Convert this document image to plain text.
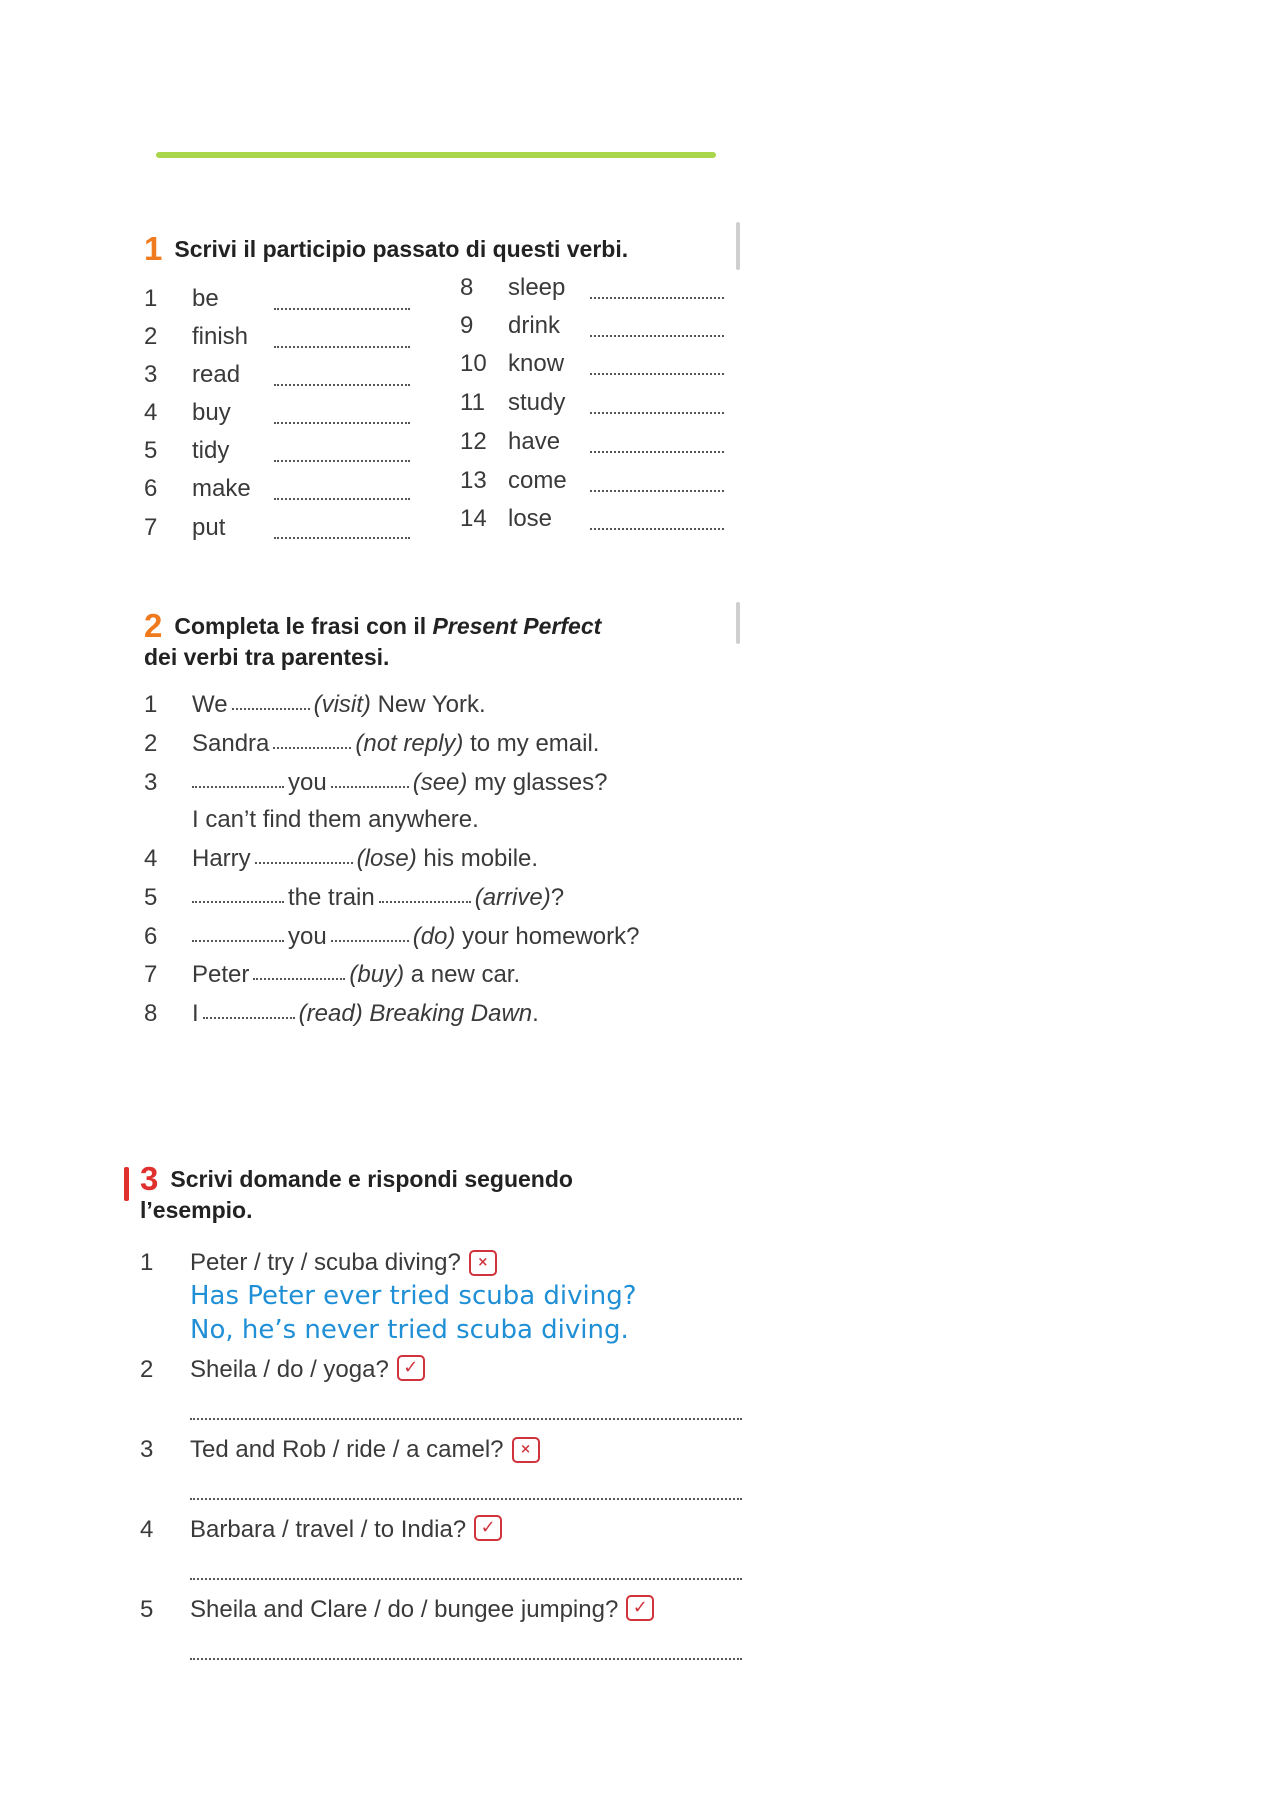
1 Scrivi il participio passato di questi verbi.
1 be
2 finish
3 read
4 buy
5 tidy
6 make
7 put
8 sleep
9 drink
10 know
11 study
12 have
13 come
14 lose
2 Completa le frasi con il Present Perfect
dei verbi tra parentesi.
1 We	(visit) New York.
2 Sandra	(not reply) to my email.
3	you	(see) my glasses?
I can’t find them anywhere.
4 Harry	(lose) his mobile.
5	the train	(arrive)?
6	you	(do) your homework?
7 Peter	(buy) a new car.
8 I	(read) Breaking Dawn.
3 Scrivi domande e rispondi seguendo
l’esempio.
1 Peter / try / scuba diving? ×
Has Peter ever tried scuba diving?
No, he’s never tried scuba diving.
2 Sheila / do / yoga? ✓
3 Ted and Rob / ride / a camel? ×
4 Barbara / travel / to India? ✓
5 Sheila and Clare / do / bungee jumping? ✓
